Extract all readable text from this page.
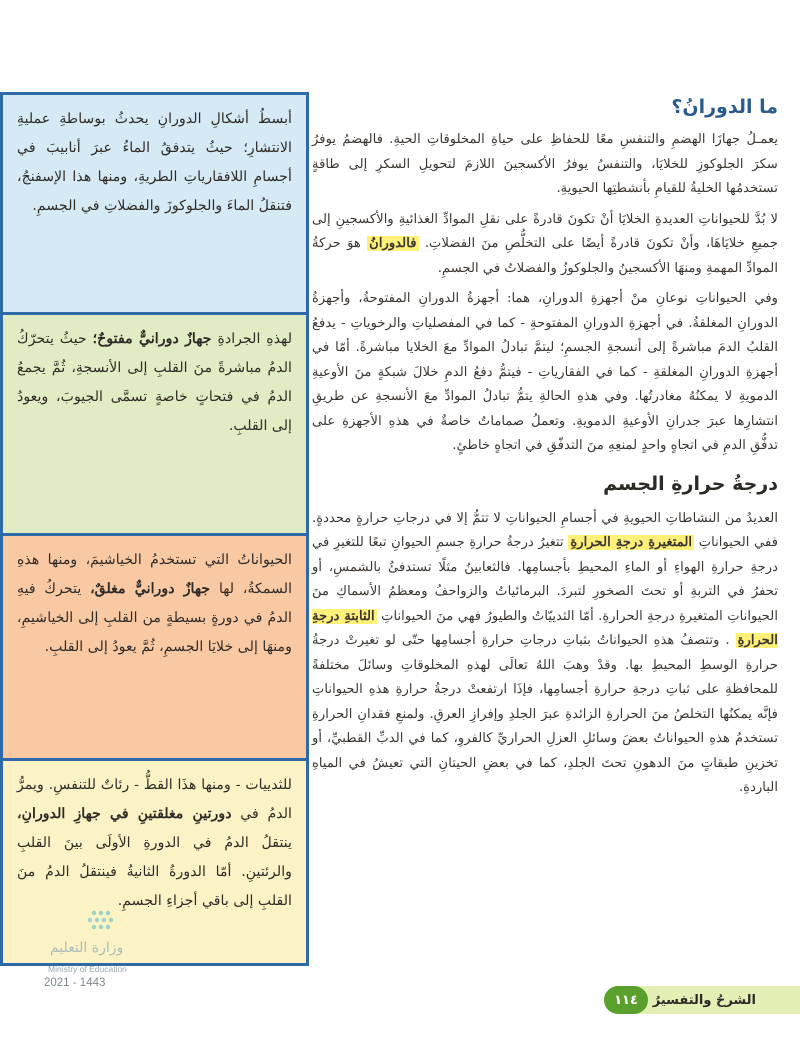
ما الدورانُ؟

يعمـلُ جهازَا الهضمِ والتنفسِ معًا للحفاظِ على حياةِ المخلوقاتِ الحيةِ. فالهضمُ يوفرُ سكرَ الجلوكوزِ للخلايَا، والتنفسُ يوفرُ الأكسجينَ اللازمَ لتحويلِ السكرِ إلى طاقةٍ تستخدمُها الخليةُ للقيامِ بأنشطتِها الحيويةِ.

لا بُدَّ للحيواناتِ العديدةِ الخلايَا أنْ تكونَ قادرةً على نقلِ الموادِّ الغذائيةِ والأكسجينِ إلى جميعِ خلايَاهَا، وأنْ تكونَ قادرةً أيضًا على التخلُّصِ منَ الفضلاتِ. فالدورانُ هوَ حركةُ الموادِّ المهمةِ ومنهَا الأكسجينُ والجلوكوزُ والفضلاتُ في الجسمِ.

وفي الحيواناتِ نوعانِ منْ أجهزةِ الدورانِ، هما: أجهزةُ الدورانِ المفتوحةُ، وأجهزةُ الدورانِ المغلقةُ. في أجهزةِ الدورانِ المفتوحةِ - كما في المفصلياتِ والرخوياتِ - يدفعُ القلبُ الدمَ مباشرةً إلى أنسجةِ الجسمِ؛ ليتمَّ تبادلُ الموادِّ معَ الخلايا مباشرةً. أمّا في أجهزةِ الدورانِ المغلقةِ - كما في الفقارياتِ - فيتمُّ دفعُ الدمِ خلالَ شبكةٍ منَ الأوعيةِ الدمويةِ لا يمكنُهُ مغادرتُها. وفي هذهِ الحالةِ يتمُّ تبادلُ الموادِّ معَ الأنسجةِ عن طريقِ انتشارِها عبرَ جدرانِ الأوعيةِ الدمويةِ. وتعملُ صماماتٌ خاصةٌ في هذهِ الأجهزةِ على تدفُّقِ الدمِ في اتجاهٍ واحدٍ لمنعِهِ منَ التدفّقِ في اتجاهٍ خاطئٍ.

درجةُ حرارةِ الجسم

العديدُ من النشاطاتِ الحيويةِ في أجسامِ الحيواناتِ لا تتمُّ إلا في درجاتِ حرارةٍ محددةٍ. ففي الحيواناتِ المتغيرةِ درجةِ الحرارةِ تتغيرُ درجةُ حرارةِ جسمِ الحيوانِ تبعًا للتغيرِ في درجةِ حرارةِ الهواءِ أو الماءِ المحيطِ بأجسامِها. فالثعابينُ مثلًا تستدفئُ بالشمسِ، أو تحفرُ في التربةِ أو تحتَ الصخورِ لتبردَ. البرمائياتُ والزواحفُ ومعظمُ الأسماكِ منَ الحيواناتِ المتغيرةِ درجةِ الحرارةِ. أمّا الثدييّاتُ والطيورُ فهي منَ الحيواناتِ الثابتةِ درجةِ الحرارةِ . وتتصفُ هذهِ الحيواناتُ بثباتِ درجاتِ حرارةِ أجسامِها حتّى لو تغيرتْ درجةُ حرارةِ الوسطِ المحيطِ بها. وقدْ وهبَ اللهُ تعالَى لهذهِ المخلوقاتِ وسائلَ مختلفةً للمحافظةِ على ثباتِ درجةِ حرارةِ أجسامِها، فإذَا ارتفعتْ درجةُ حرارةِ هذهِ الحيواناتِ فإنَّه يمكنُها التخلصُ منَ الحرارةِ الزائدةِ عبرَ الجلدِ وإفرازِ العرقِ. ولمنعِ فقدانِ الحرارةِ تستخدمُ هذهِ الحيواناتُ بعضَ وسائلِ العزلِ الحراريِّ كالفروِ، كما في الدبِّ القطبيِّ، أو تخزينِ طبقاتٍ منَ الدهونِ تحتَ الجلدِ، كما في بعضِ الحيتانِ التي تعيشُ في المياهِ الباردةِ.

أبسطُ أشكالِ الدورانِ يحدثُ بوساطةِ عمليةِ الانتشارِ؛ حيثُ يتدفقُ الماءُ عبرَ أنابيبَ في أجسامِ اللافقارياتِ الطريةِ، ومنها هذا الإسفنجُ، فتنقلُ الماءَ والجلوكوزَ والفضلاتِ في الجسمِ.

لهذهِ الجرادةِ جهازٌ دورانيٌّ مفتوحٌ؛ حيثُ يتحرّكُ الدمُ مباشرةً منَ القلبِ إلى الأنسجةِ، ثُمَّ يجمعُ الدمُ في فتحاتٍ خاصةٍ تسمَّى الجيوبَ، ويعودُ إلى القلبِ.

الحيواناتُ التي تستخدمُ الخياشيمَ، ومنها هذهِ السمكةُ، لها جهازٌ دورانيٌّ مغلقٌ، يتحركُ فيهِ الدمُ في دورةٍ بسيطةٍ من القلبِ إلى الخياشيمِ، ومنهَا إلى خلايَا الجسمِ، ثُمَّ يعودُ إلى القلبِ.

للثدييات - ومنها هذَا القطُّ - رئاتٌ للتنفسِ. ويمرُّ الدمُ في دورتينِ مغلقتينِ في جهازِ الدورانِ، ينتقلُ الدمُ في الدورةِ الأولَى بينَ القلبِ والرئتينِ. أمّا الدورةُ الثانيةُ فينتقلُ الدمُ منَ القلبِ إلى باقي أجزاءِ الجسمِ.

وزارة التعليم
Ministry of Education
2021 - 1443
الشرحُ والتفسيرُ
١١٤
